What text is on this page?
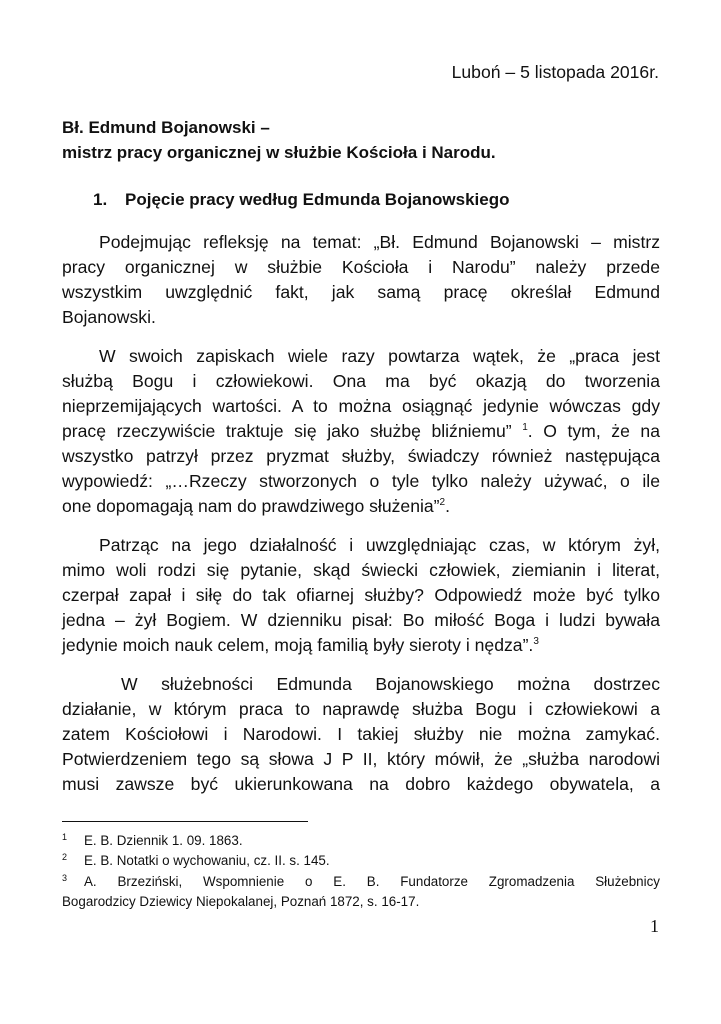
Luboń – 5 listopada 2016r.
Bł. Edmund Bojanowski –
mistrz pracy organicznej w służbie Kościoła i Narodu.
1. Pojęcie pracy według Edmunda Bojanowskiego
Podejmując refleksję na temat: „Bł. Edmund Bojanowski – mistrz
pracy organicznej w służbie Kościoła i Narodu” należy przede
wszystkim uwzględnić fakt, jak samą pracę określał Edmund
Bojanowski.
W swoich zapiskach wiele razy powtarza wątek, że „praca jest
służbą Bogu i człowiekowi. Ona ma być okazją do tworzenia
nieprzemijających wartości. A to można osiągnąć jedynie wówczas gdy
pracę rzeczywiście traktuje się jako służbę bliźniemu” $^1$. O tym, że na
wszystko patrzył przez pryzmat służby, świadczy również następująca
wypowiedź: „…Rzeczy stworzonych o tyle tylko należy używać, o ile
one dopomagają nam do prawdziwego służenia”$^2$.
Patrząc na jego działalność i uwzględniając czas, w którym żył,
mimo woli rodzi się pytanie, skąd świecki człowiek, ziemianin i literat,
czerpał zapał i siłę do tak ofiarnej służby? Odpowiedź może być tylko
jedna – żył Bogiem. W dzienniku pisał: Bo miłość Boga i ludzi bywała
jedynie moich nauk celem, moją familią były sieroty i nędza”.$^3$
W służebności Edmunda Bojanowskiego można dostrzec
działanie, w którym praca to naprawdę służba Bogu i człowiekowi a
zatem Kościołowi i Narodowi. I takiej służby nie można zamykać.
Potwierdzeniem tego są słowa J P II, który mówił, że „służba narodowi
musi zawsze być ukierunkowana na dobro każdego obywatela, a
1 E. B. Dziennik 1. 09. 1863.
2 E. B. Notatki o wychowaniu, cz. II. s. 145.
3 A. Brzeziński, Wspomnienie o E. B. Fundatorze Zgromadzenia Służebnicy
Bogarodzicy Dziewicy Niepokalanej, Poznań 1872, s. 16-17.
1
